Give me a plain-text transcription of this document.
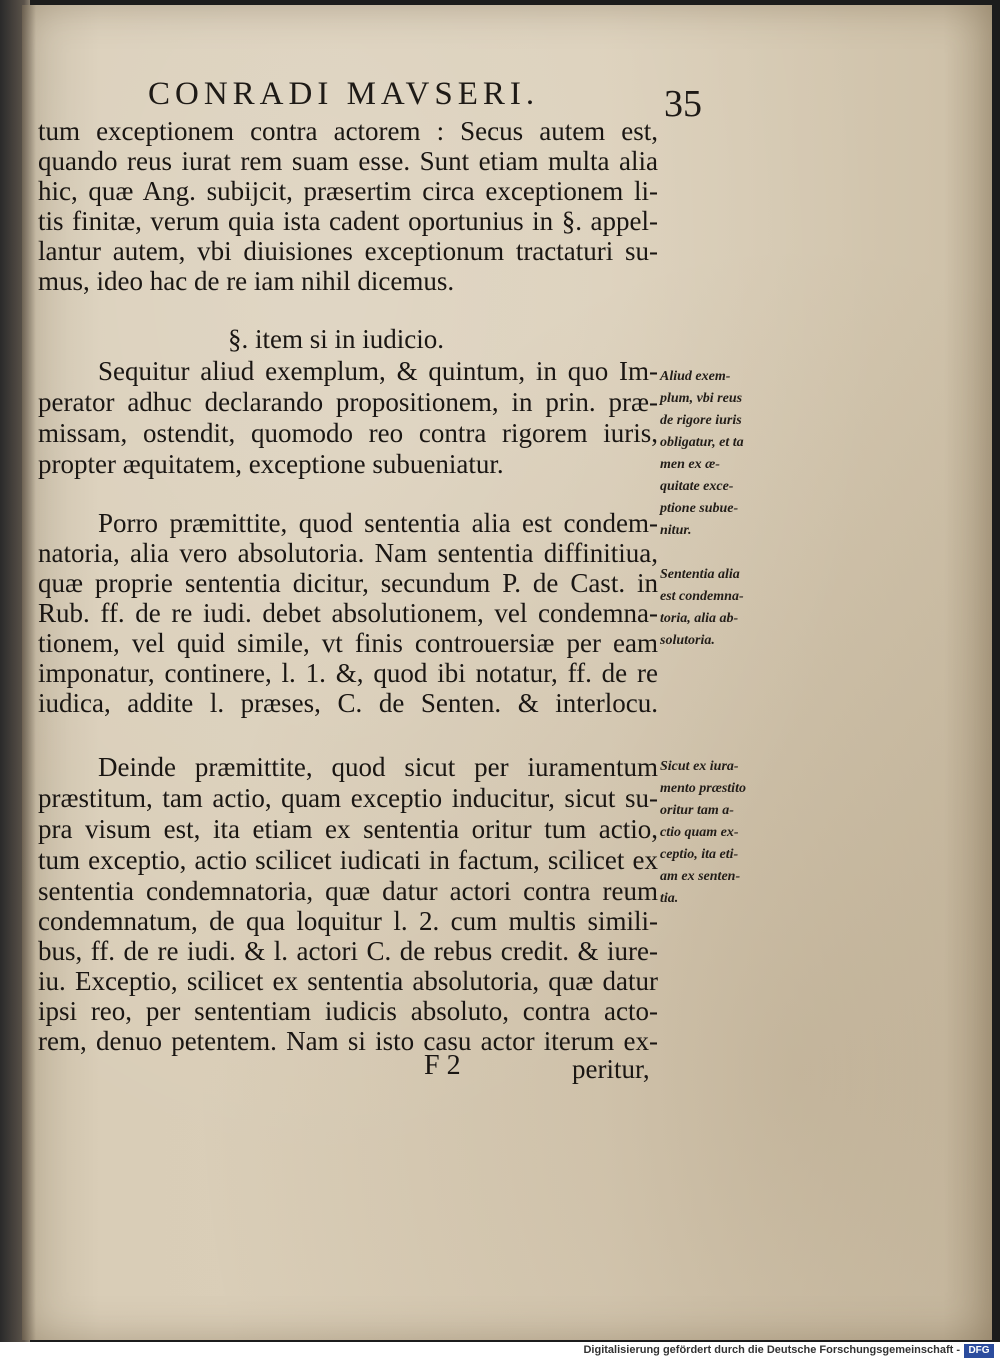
CONRADI MAVSERI.	35
tum exceptionem contra actorem : Secus autem est,
quando reus iurat rem suam esse. Sunt etiam multa alia
hic, quæ Ang. subijcit, præsertim circa exceptionem li-
tis finitæ, verum quia ista cadent oportunius in §. appel-
lantur autem, vbi diuisiones exceptionum tractaturi su-
mus, ideo hac de re iam nihil dicemus.
§. item si in iudicio.
Sequitur aliud exemplum, & quintum, in quo Im-
perator adhuc declarando propositionem, in prin. præ-
missam, ostendit, quomodo reo contra rigorem iuris,
propter æquitatem, exceptione subueniatur.
Porro præmittite, quod sententia alia est condem-
natoria, alia vero absolutoria. Nam sententia diffinitiua,
quæ proprie sententia dicitur, secundum P. de Cast. in
Rub. ff. de re iudi. debet absolutionem, vel condemna-
tionem, vel quid simile, vt finis controuersiæ per eam
imponatur, continere, l. 1. &, quod ibi notatur, ff. de re
iudica, addite l. præses, C. de Senten. & interlocu.
Deinde præmittite, quod sicut per iuramentum
præstitum, tam actio, quam exceptio inducitur, sicut su-
pra visum est, ita etiam ex sententia oritur tum actio,
tum exceptio, actio scilicet iudicati in factum, scilicet ex
sententia condemnatoria, quæ datur actori contra reum
condemnatum, de qua loquitur l. 2. cum multis simili-
bus, ff. de re iudi. & l. actori C. de rebus credit. & iure-
iu. Exceptio, scilicet ex sententia absolutoria, quæ datur
ipsi reo, per sententiam iudicis absoluto, contra acto-
rem, denuo petentem. Nam si isto casu actor iterum ex-
Aliud exem-
plum, vbi reus
de rigore iuris
obligatur, et ta
men ex æ-
quitate exce-
ptione subue-
nitur.
Sententia alia
est condemna-
toria, alia ab-
solutoria.
Sicut ex iura-
mento præstito
oritur tam a-
ctio quam ex-
ceptio, ita eti-
am ex senten-
tia.
F 2	peritur,
Digitalisierung gefördert durch die Deutsche Forschungsgemeinschaft - DFG
